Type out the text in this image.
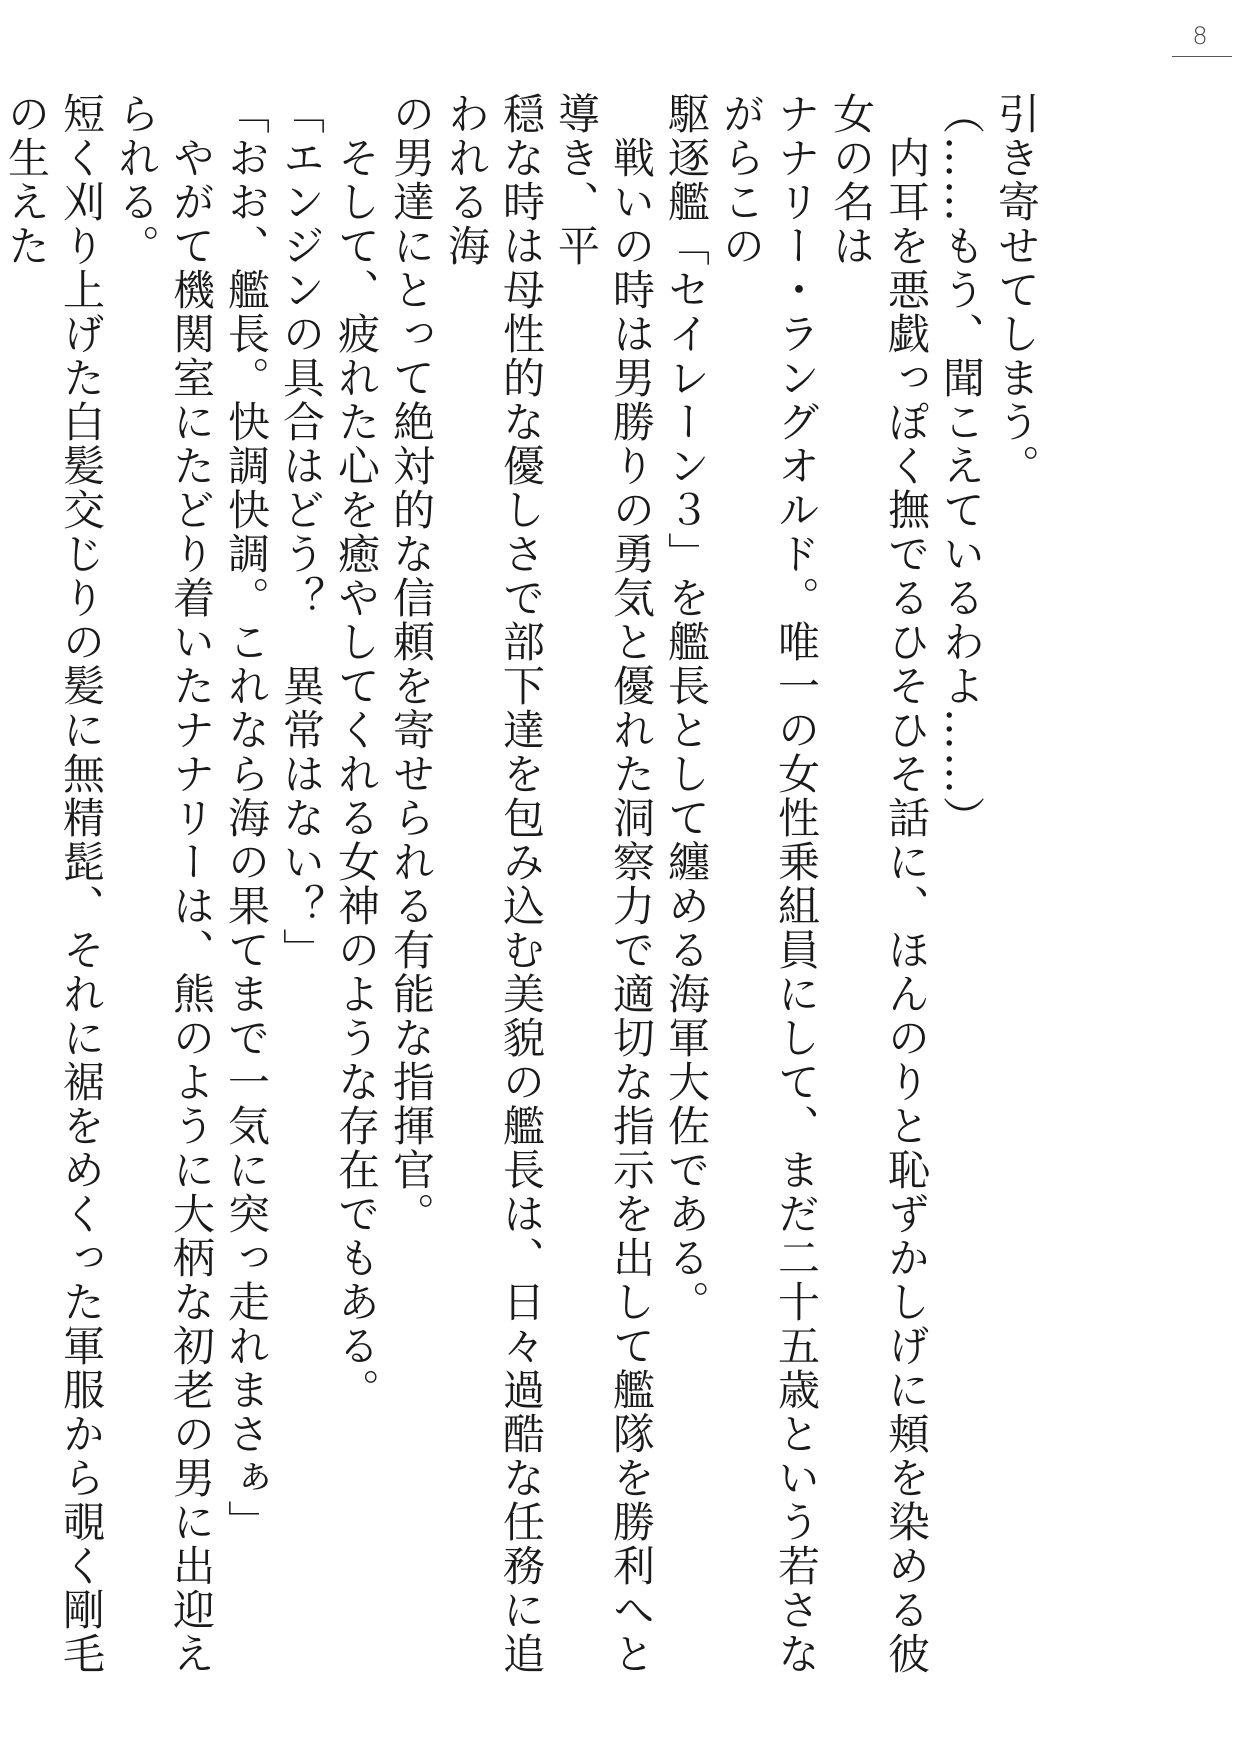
8
引き寄せてしまう。
（……もう、聞こえているわよ……）
　内耳を悪戯っぽく撫でるひそひそ話に、ほんのりと恥ずかしげに頬を染める彼女の名は
ナナリー・ラングオルド。唯一の女性乗組員にして、まだ二十五歳という若さながらこの
駆逐艦「セイレーン３」を艦長として纏める海軍大佐である。
　戦いの時は男勝りの勇気と優れた洞察力で適切な指示を出して艦隊を勝利へと導き、平
穏な時は母性的な優しさで部下達を包み込む美貌の艦長は、日々過酷な任務に追われる海
の男達にとって絶対的な信頼を寄せられる有能な指揮官。
　そして、疲れた心を癒やしてくれる女神のような存在でもある。
「エンジンの具合はどう？　異常はない？」
「おお、艦長。快調快調。これなら海の果てまで一気に突っ走れまさぁ」
　やがて機関室にたどり着いたナナリーは、熊のように大柄な初老の男に出迎えられる。
短く刈り上げた白髪交じりの髪に無精髭、それに裾をめくった軍服から覗く剛毛の生えた
